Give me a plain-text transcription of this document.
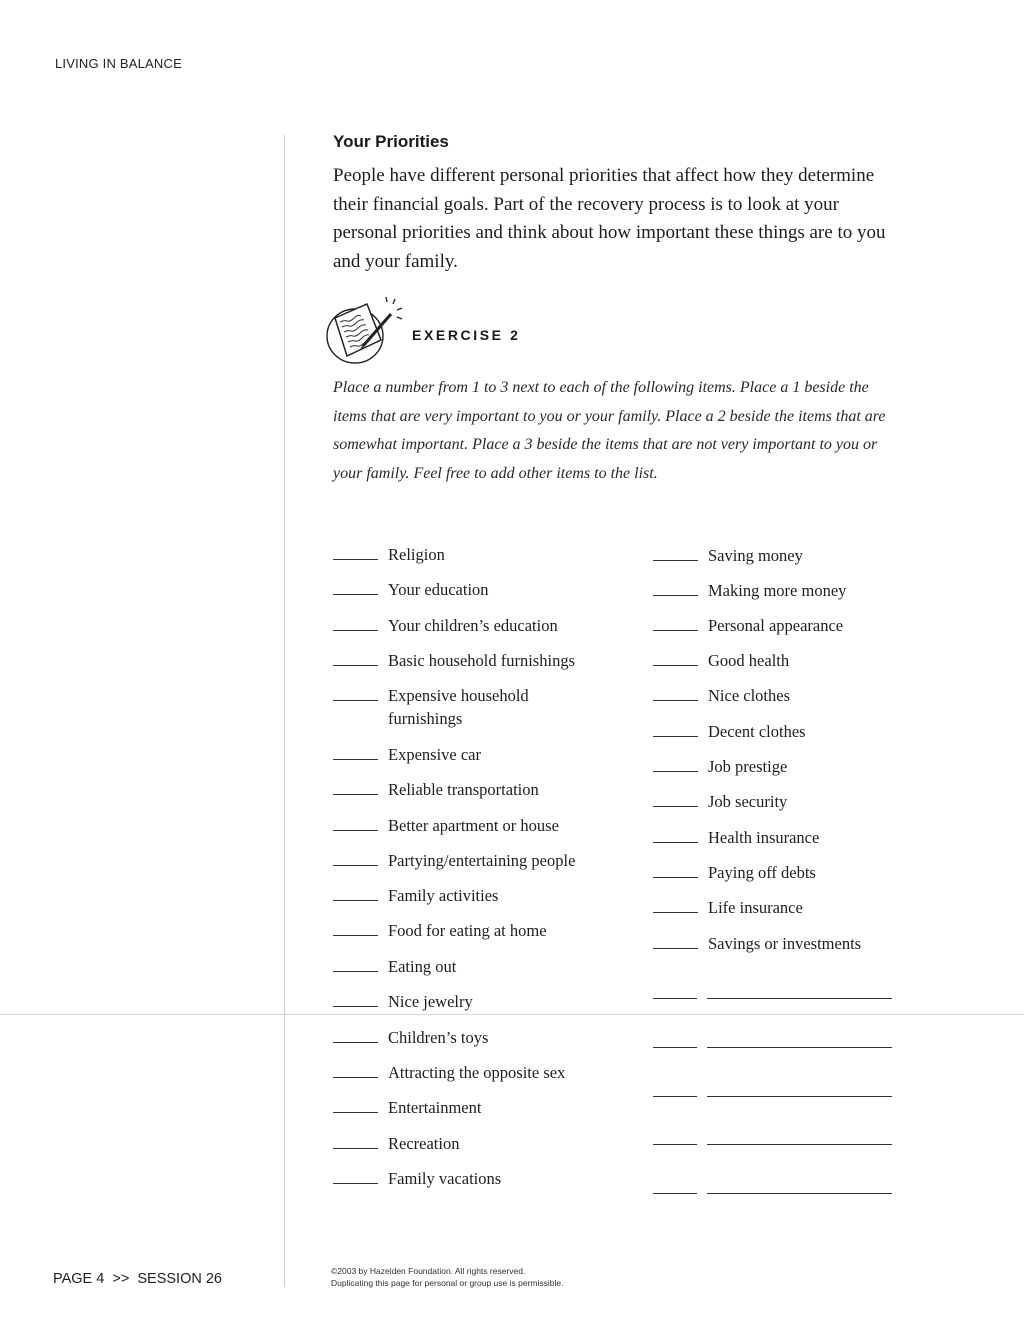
LIVING IN BALANCE
Your Priorities

People have different personal priorities that affect how they determine their financial goals. Part of the recovery process is to look at your personal priorities and think about how important these things are to you and your family.

EXERCISE 2

Place a number from 1 to 3 next to each of the following items. Place a 1 beside the items that are very important to you or your family. Place a 2 beside the items that are somewhat important. Place a 3 beside the items that are not very important to you or your family. Feel free to add other items to the list.

Religion
Your education
Your children’s education
Basic household furnishings
Expensive household furnishings
Expensive car
Reliable transportation
Better apartment or house
Partying/entertaining people
Family activities
Food for eating at home
Eating out
Nice jewelry
Children’s toys
Attracting the opposite sex
Entertainment
Recreation
Family vacations
Saving money
Making more money
Personal appearance
Good health
Nice clothes
Decent clothes
Job prestige
Job security
Health insurance
Paying off debts
Life insurance
Savings or investments
PAGE 4  >>  SESSION 26	©2003 by Hazelden Foundation. All rights reserved.
Duplicating this page for personal or group use is permissible.
